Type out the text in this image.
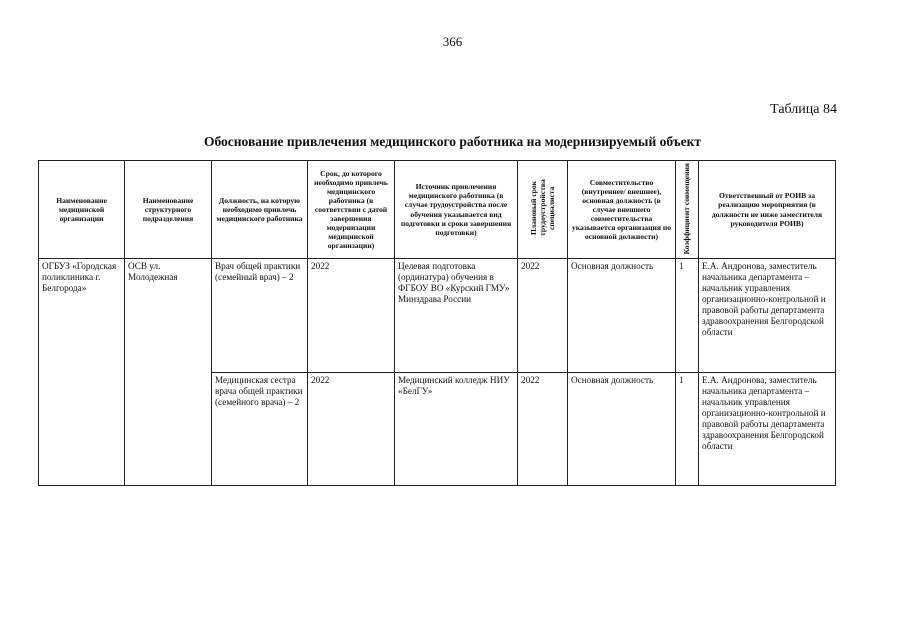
366
Таблица 84
Обоснование привлечения медицинского работника на модернизируемый объект
Наименование медицинской организации	Наименование структурного подразделения	Должность, на которую необходимо привлечь медицинского работника	Срок, до которого необходимо привлечь медицинского работника (в соответствии с датой завершения модернизации медицинской организации)	Источник привлечения медицинского работника (в случае трудоустройства после обучения указывается вид подготовки и сроки завершения подготовки)	Плановый срок трудоустройства специалиста	Совместительство (внутреннее/ внешнее), основная должность (в случае внешнего совместительства указывается организация по основной должности)	Коэффициент совмещения	Ответственный от РОИВ за реализацию мероприятия (в должности не ниже заместителя руководителя РОИВ)
ОГБУЗ «Городская поликлиника г. Белгорода»	ОСВ ул. Молодежная	Врач общей практики (семейный врач) – 2	2022	Целевая подготовка (ординатура) обучения в ФГБОУ ВО «Курский ГМУ» Минздрава России	2022	Основная должность	1	Е.А. Андронова, заместитель начальника департамента – начальник управления организационно-контрольной и правовой работы департамента здравоохранения Белгородской области
		Медицинская сестра врача общей практики (семейного врача) – 2	2022	Медицинский колледж НИУ «БелГУ»	2022	Основная должность	1	Е.А. Андронова, заместитель начальника департамента – начальник управления организационно-контрольной и правовой работы департамента здравоохранения Белгородской области
